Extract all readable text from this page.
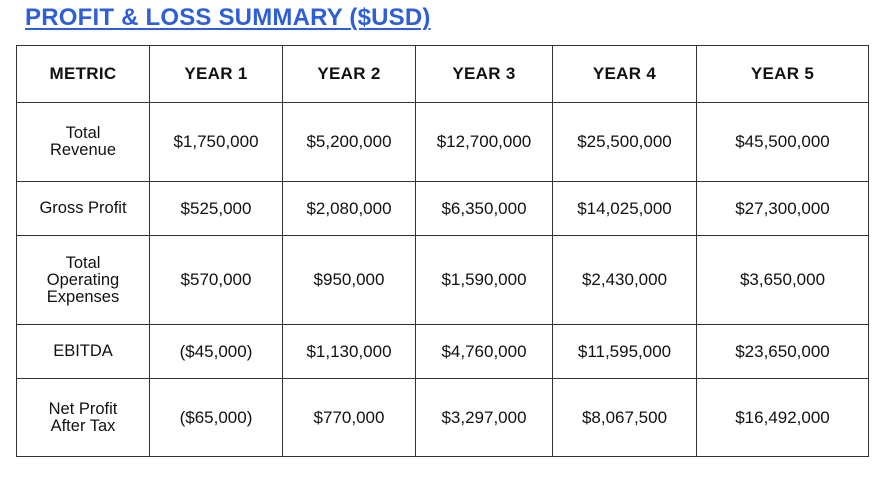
PROFIT & LOSS SUMMARY ($USD)
METRIC	YEAR 1	YEAR 2	YEAR 3	YEAR 4	YEAR 5

Total
Revenue	$1,750,000	$5,200,000	$12,700,000	$25,500,000	$45,500,000

Gross Profit	$525,000	$2,080,000	$6,350,000	$14,025,000	$27,300,000

Total
Operating
Expenses	$570,000	$950,000	$1,590,000	$2,430,000	$3,650,000

EBITDA	($45,000)	$1,130,000	$4,760,000	$11,595,000	$23,650,000

Net Profit
After Tax	($65,000)	$770,000	$3,297,000	$8,067,500	$16,492,000
